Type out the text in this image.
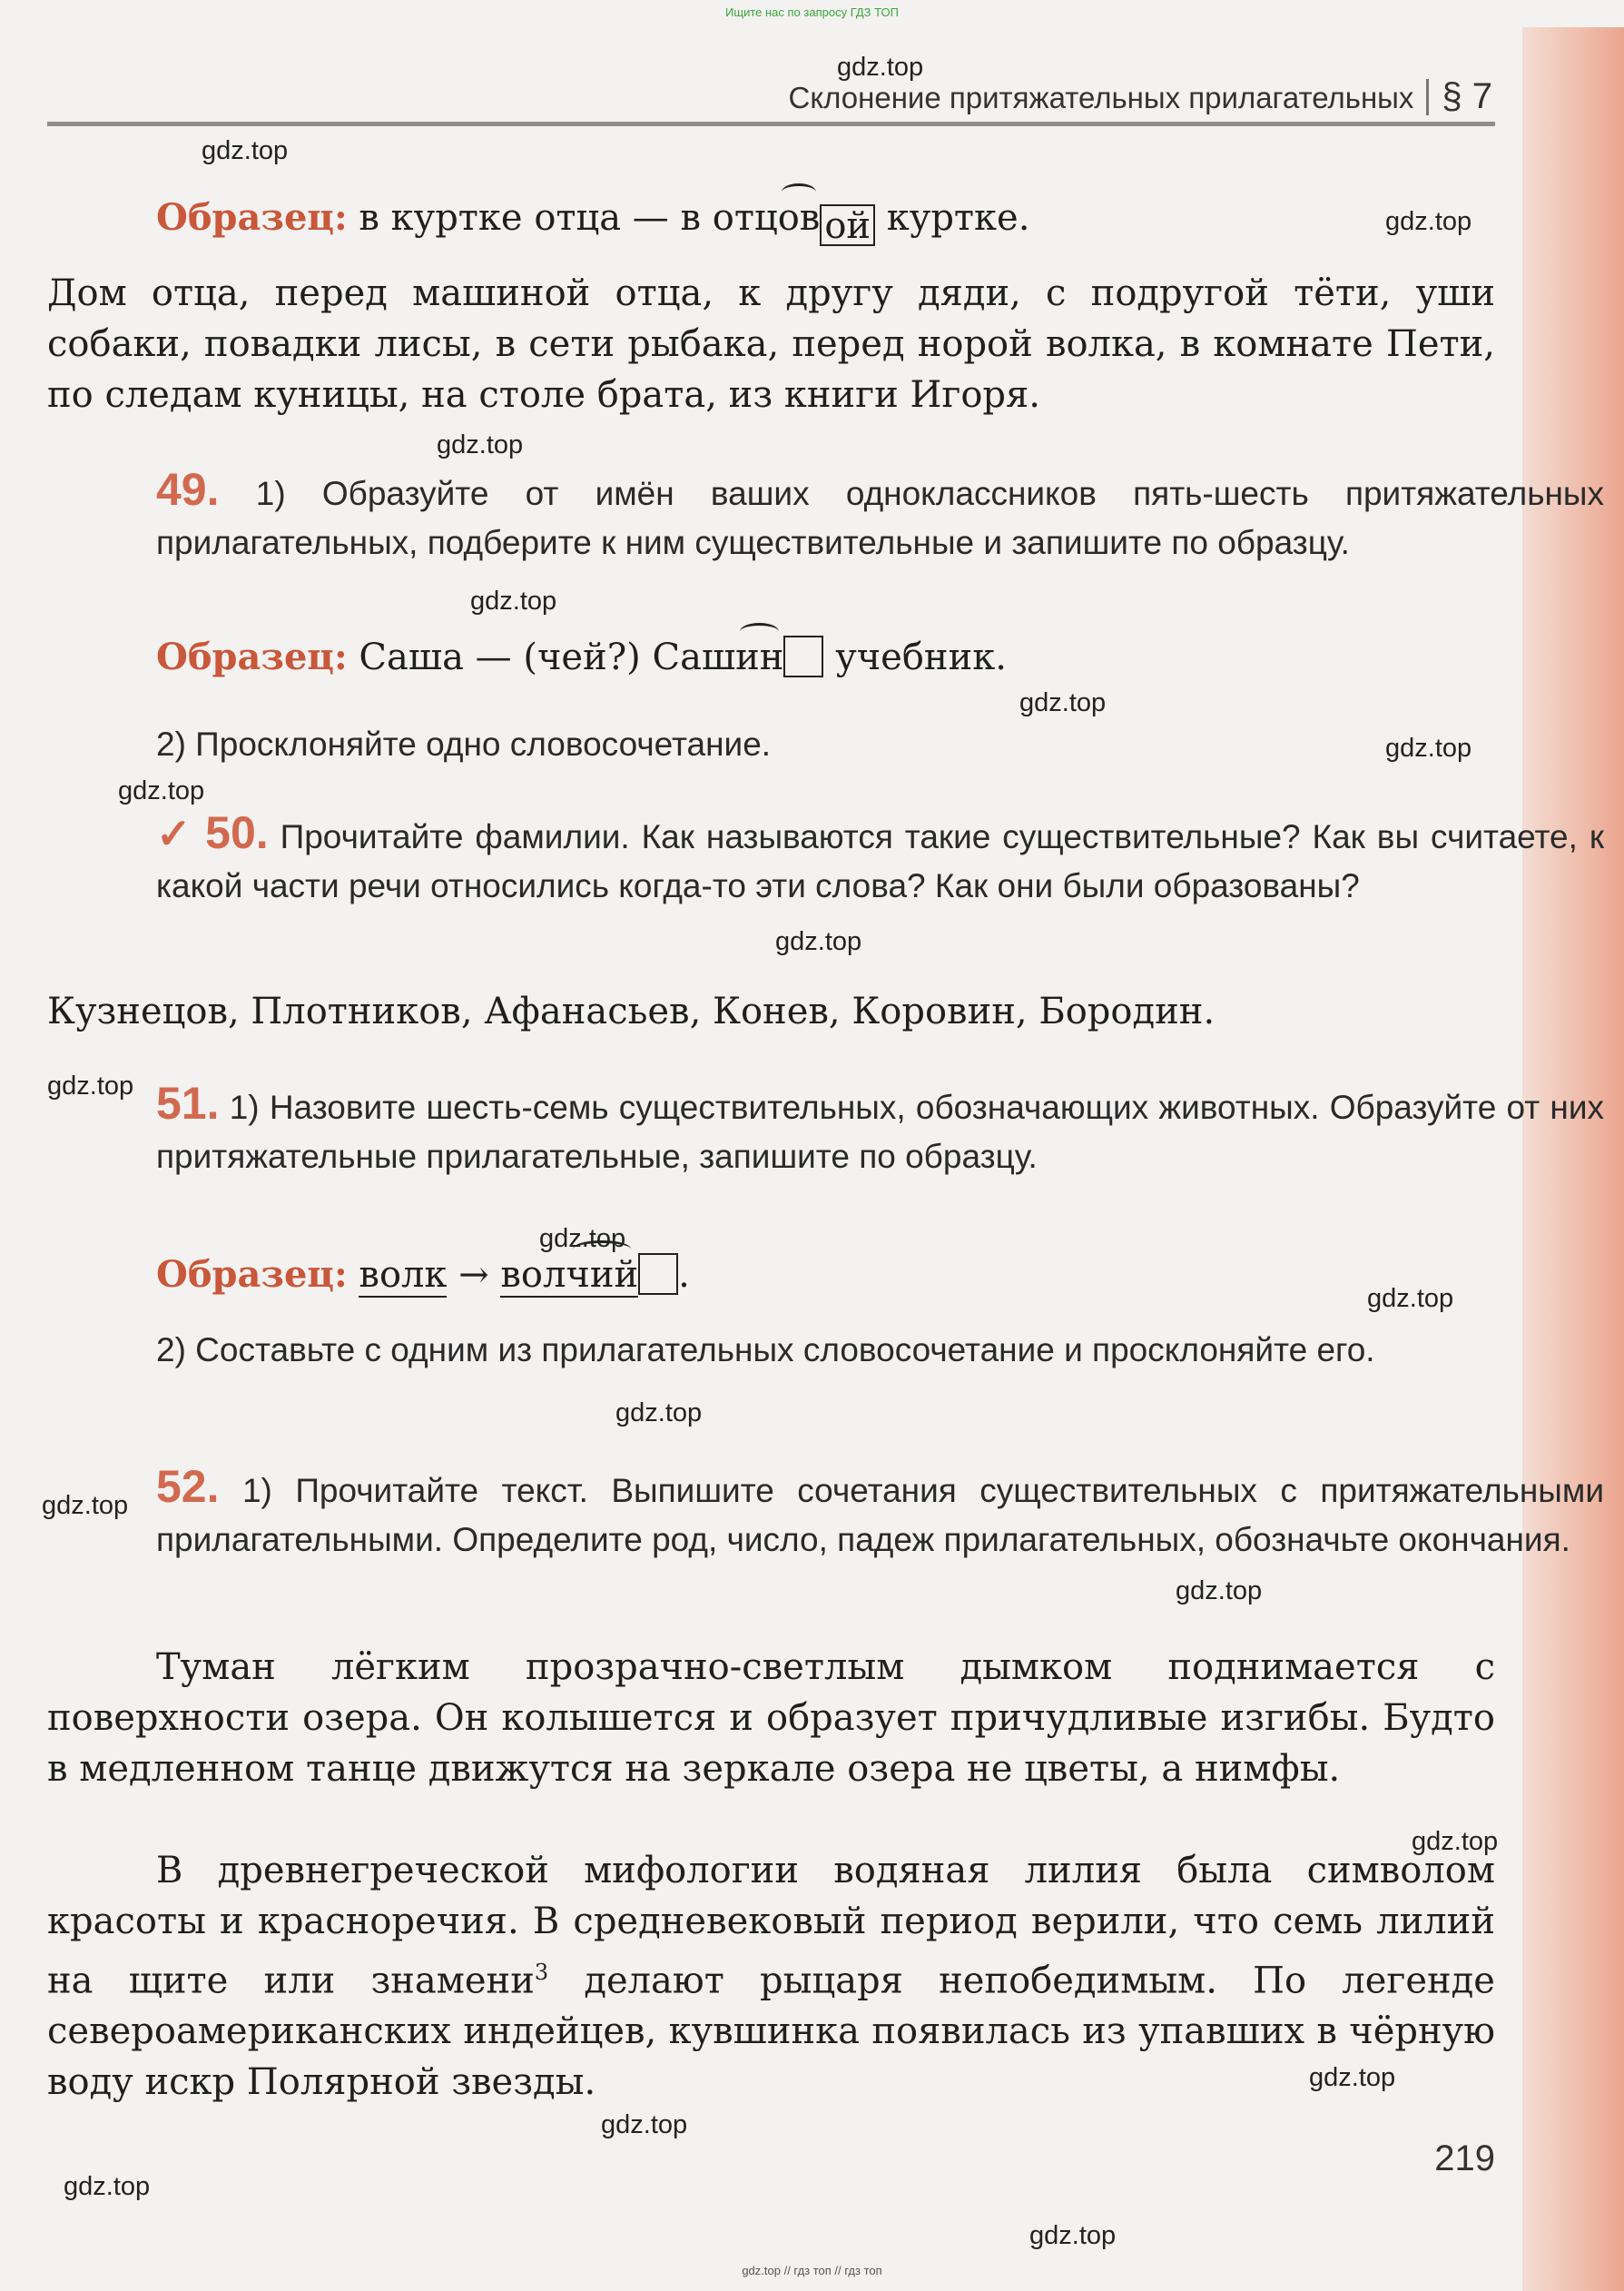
Ищите нас по запросу ГДЗ ТОП
Склонение притяжательных прилагательных § 7
Образец: в куртке отца — в отцов ой куртке.
Дом отца, перед машиной отца, к другу дяди, с подругой тёти, уши собаки, повадки лисы, в сети рыбака, перед норой волка, в комнате Пети, по следам куницы, на столе брата, из книги Игоря.
49. 1) Образуйте от имён ваших одноклассников пять-шесть притяжательных прилагательных, подберите к ним существительные и запишите по образцу.
Образец: Саша — (чей?) Сашин учебник.
2) Просклоняйте одно словосочетание.
✓ 50. Прочитайте фамилии. Как называются такие существительные? Как вы считаете, к какой части речи относились когда-то эти слова? Как они были образованы?
Кузнецов, Плотников, Афанасьев, Конев, Коровин, Бородин.
51. 1) Назовите шесть-семь существительных, обозначающих животных. Образуйте от них притяжательные прилагательные, запишите по образцу.
Образец: волк → волчий .
2) Составьте с одним из прилагательных словосочетание и просклоняйте его.
52. 1) Прочитайте текст. Выпишите сочетания существительных с притяжательными прилагательными. Определите род, число, падеж прилагательных, обозначьте окончания.
Туман лёгким прозрачно-светлым дымком поднимается с поверхности озера. Он колышется и образует причудливые изгибы. Будто в медленном танце движутся на зеркале озера не цветы, а нимфы.
В древнегреческой мифологии водяная лилия была символом красоты и красноречия. В средневековый период верили, что семь лилий на щите или знамени$^3$ делают рыцаря непобедимым. По легенде североамериканских индейцев, кувшинка появилась из упавших в чёрную воду искр Полярной звезды.
219
gdz.top
gdz.top
gdz.top
gdz.top
gdz.top
gdz.top
gdz.top
gdz.top
gdz.top
gdz.top
gdz.top
gdz.top
gdz.top
gdz.top
gdz.top
gdz.top
gdz.top
gdz.top
gdz.top
gdz.top
gdz.top // гдз топ // гдз топ
